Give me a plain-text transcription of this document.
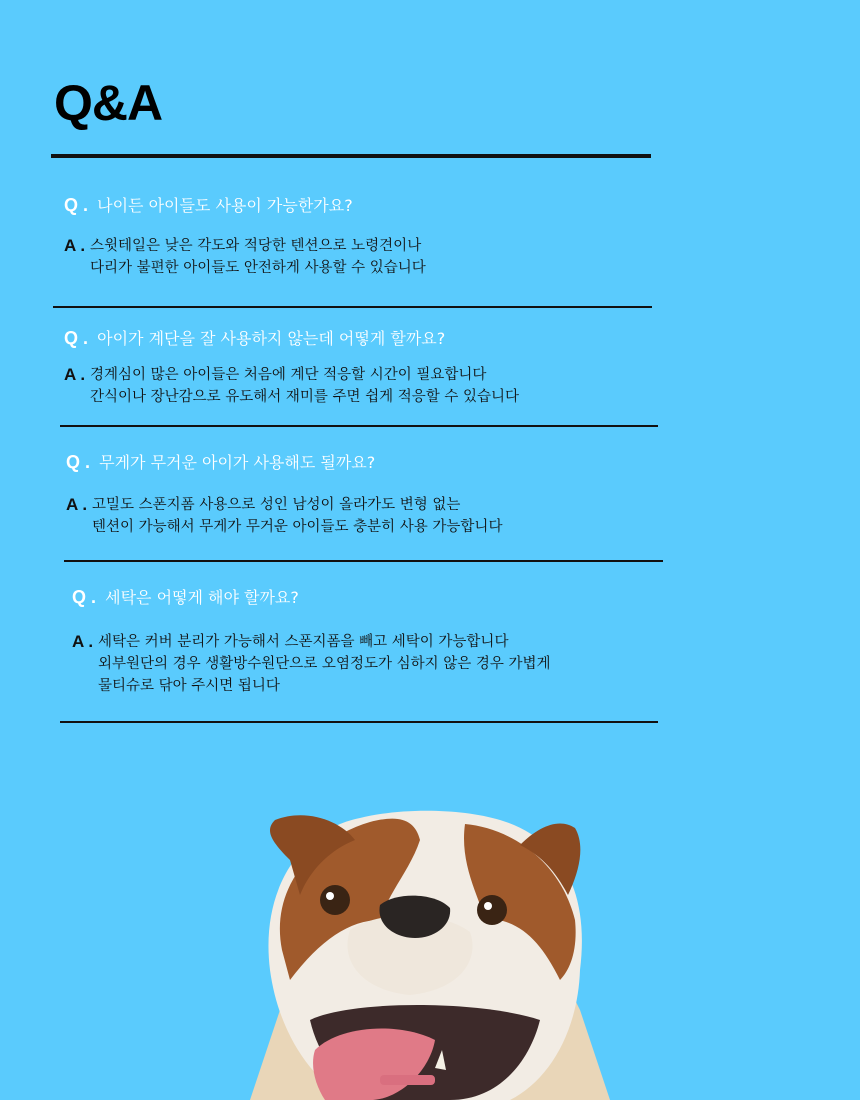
Q&A
Q . 나이든 아이들도 사용이 가능한가요?
A . 스윗테일은 낮은 각도와 적당한 텐션으로 노령견이나
다리가 불편한 아이들도 안전하게 사용할 수 있습니다
Q . 아이가 계단을 잘 사용하지 않는데 어떻게 할까요?
A . 경계심이 많은 아이들은 처음에 계단 적응할 시간이 필요합니다
간식이나 장난감으로 유도해서 재미를 주면 쉽게 적응할 수 있습니다
Q . 무게가 무거운 아이가 사용해도 될까요?
A . 고밀도 스폰지폼 사용으로 성인 남성이 올라가도 변형 없는
텐션이 가능해서 무게가 무거운 아이들도 충분히 사용 가능합니다
Q . 세탁은 어떻게 해야 할까요?
A . 세탁은 커버 분리가 가능해서 스폰지폼을 빼고 세탁이 가능합니다
외부원단의 경우 생활방수원단으로 오염정도가 심하지 않은 경우 가볍게
물티슈로 닦아 주시면 됩니다
